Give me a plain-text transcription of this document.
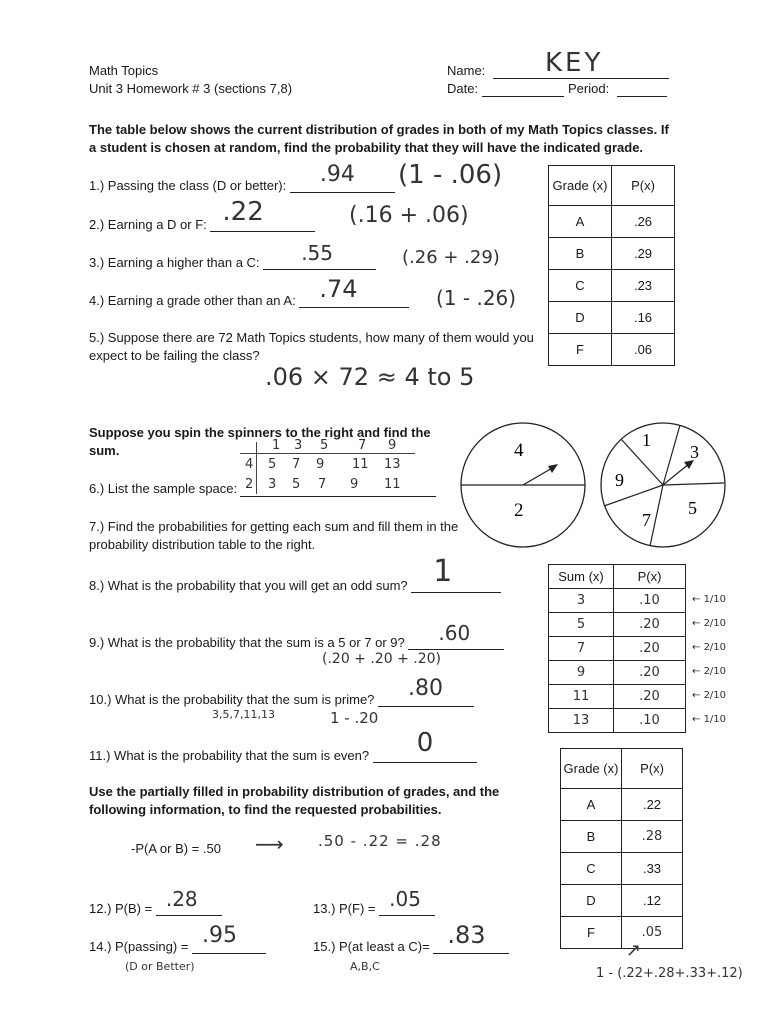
Math Topics
Unit 3 Homework # 3 (sections 7,8)
Name: KEY
Date:	Period:
The table below shows the current distribution of grades in both of my Math Topics classes. If a student is chosen at random, find the probability that they will have the indicated grade.
1.) Passing the class (D or better): .94 (1 - .06)
2.) Earning a D or F: .22	(.16 + .06)
3.) Earning a higher than a C: .55	(.26 + .29)
4.) Earning a grade other than an A: .74	(1 - .26)
5.) Suppose there are 72 Math Topics students, how many of them would you expect to be failing the class?
.06 × 72 ≈ 4 to 5
Grade (x)	P(x)
A	.26
B	.29
C	.23
D	.16
F	.06
Suppose you spin the spinners to the right and find the sum.	1 3 5 7 9
4 5 7 9 11 13
2 3 5 7 9 11
6.) List the sample space:
7.) Find the probabilities for getting each sum and fill them in the probability distribution table to the right.
4
2
1
3
5
7
9
8.) What is the probability that you will get an odd sum? 1
9.) What is the probability that the sum is a 5 or 7 or 9? .60
(.20 + .20 + .20)
10.) What is the probability that the sum is prime? .80
3,5,7,11,13	1 - .20
11.) What is the probability that the sum is even? 0
Sum (x)	P(x)
3	.10
5	.20
7	.20
9	.20
11	.20
13	.10
← 1/10
← 2/10
← 2/10
← 2/10
← 2/10
← 1/10
Use the partially filled in probability distribution of grades, and the following information, to find the requested probabilities.
-P(A or B) = .50 ⟶ .50 - .22 = .28
12.) P(B) = .28	13.) P(F) = .05
14.) P(passing) = .95
(D or Better)
15.) P(at least a C)= .83
A,B,C
Grade (x)	P(x)
A	.22
B	.28
C	.33
D	.12
F	.05
↗
1 - (.22+.28+.33+.12)
